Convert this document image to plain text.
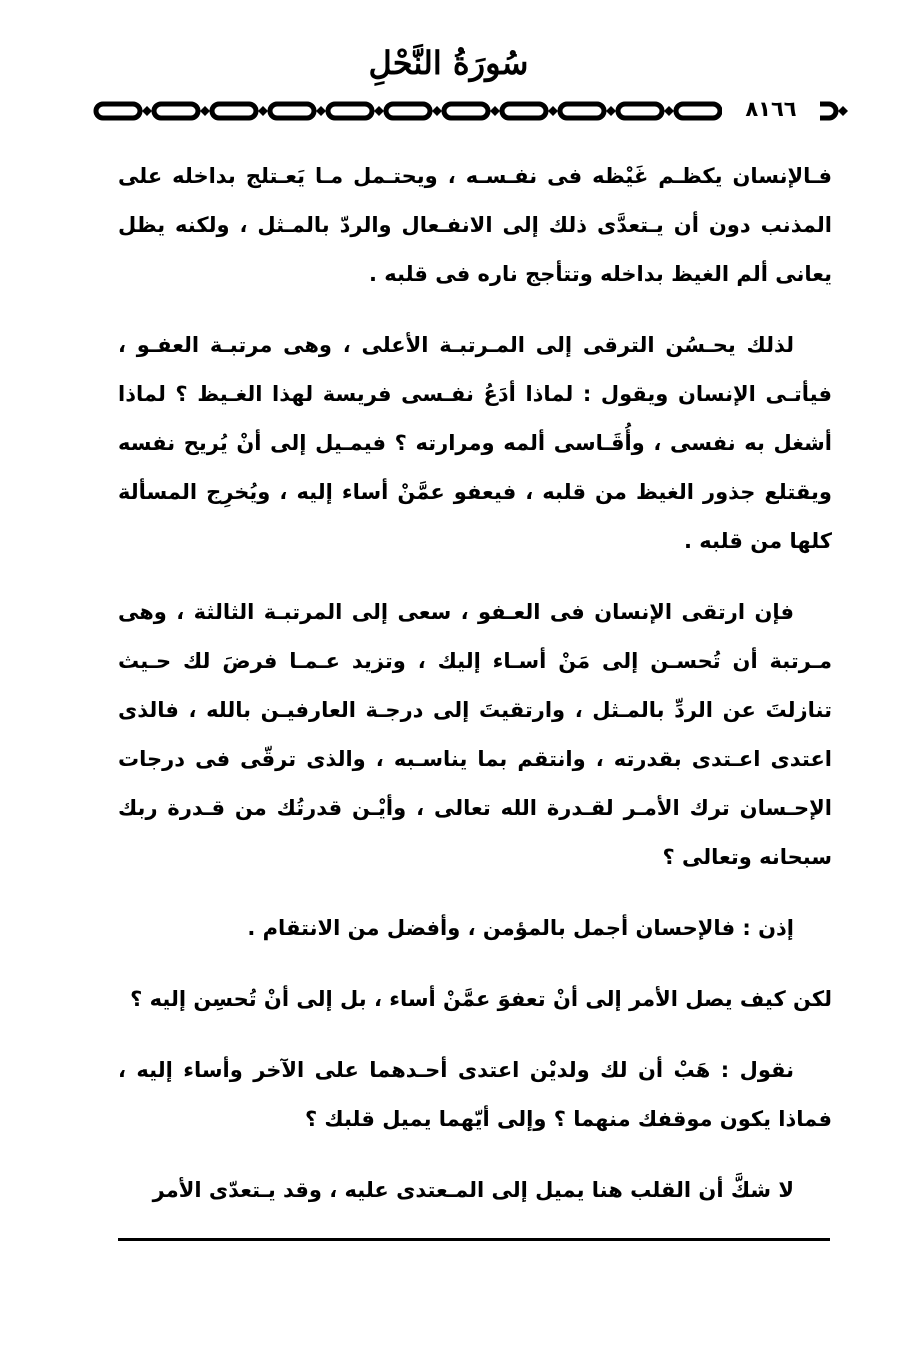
سُورَةُ النَّحْلِ
٨١٦٦

فـالإنسان يكظـم غَيْظه فى نفـسـه ، ويحتـمل مـا يَعـتلج بداخله على المذنب دون أن يـتعدَّى ذلك إلى الانفـعال والردّ بالمـثل ، ولكنه يظل يعانى ألم الغيظ بداخله وتتأجج ناره فى قلبه .

لذلك يحـسُن الترقى إلى المـرتبـة الأعلى ، وهى مرتبـة العفـو ، فيأتـى الإنسان ويقول : لماذا أدَعُ نفـسى فريسة لهذا الغـيظ ؟ لماذا أشغل به نفسى ، وأُقَـاسى ألمه ومرارته ؟ فيمـيل إلى أنْ يُريح نفسه ويقتلع جذور الغيظ من قلبه ، فيعفو عمَّنْ أساء إليه ، ويُخرِج المسألة كلها من قلبه .

فإن ارتقى الإنسان فى العـفو ، سعى إلى المرتبـة الثالثة ، وهى مـرتبة أن تُحسـن إلى مَنْ أسـاء إليك ، وتزيد عـمـا فرضَ لك حـيث تنازلتَ عن الردِّ بالمـثل ، وارتقيتَ إلى درجـة العارفيـن بالله ، فالذى اعتدى اعـتدى بقدرته ، وانتقم بما يناسـبه ، والذى ترقّى فى درجات الإحـسان ترك الأمـر لقـدرة الله تعالى ، وأيْـن قدرتُك من قـدرة ربك سبحانه وتعالى ؟

إذن : فالإحسان أجمل بالمؤمن ، وأفضل من الانتقام .

لكن كيف يصل الأمر إلى أنْ تعفوَ عمَّنْ أساء ، بل إلى أنْ تُحسِن إليه ؟

نقول : هَبْ أن لك ولديْن اعتدى أحـدهما على الآخر وأساء إليه ، فماذا يكون موقفك منهما ؟ وإلى أيّهما يميل قلبك ؟

لا شكَّ أن القلب هنا يميل إلى المـعتدى عليه ، وقد يـتعدّى الأمر
